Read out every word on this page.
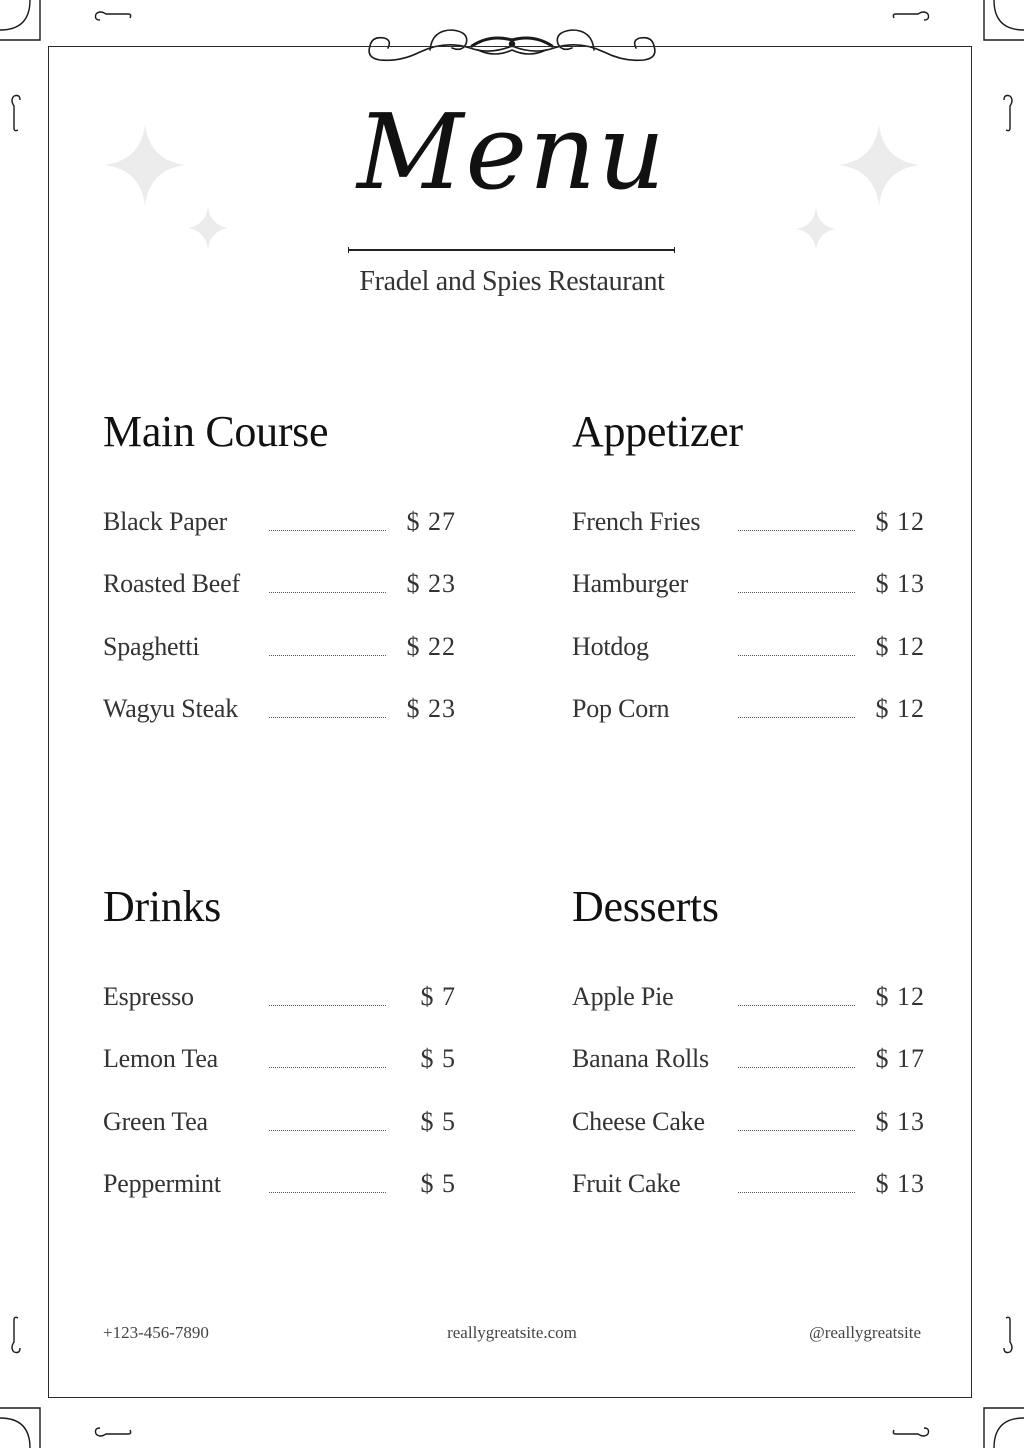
Menu
Fradel and Spies Restaurant
Main Course
Black Paper	$ 27
Roasted Beef	$ 23
Spaghetti	$ 22
Wagyu Steak	$ 23
Appetizer
French Fries	$ 12
Hamburger	$ 13
Hotdog	$ 12
Pop Corn	$ 12
Drinks
Espresso	$ 7
Lemon Tea	$ 5
Green Tea	$ 5
Peppermint	$ 5
Desserts
Apple Pie	$ 12
Banana Rolls	$ 17
Cheese Cake	$ 13
Fruit Cake	$ 13
+123-456-7890	reallygreatsite.com	@reallygreatsite
